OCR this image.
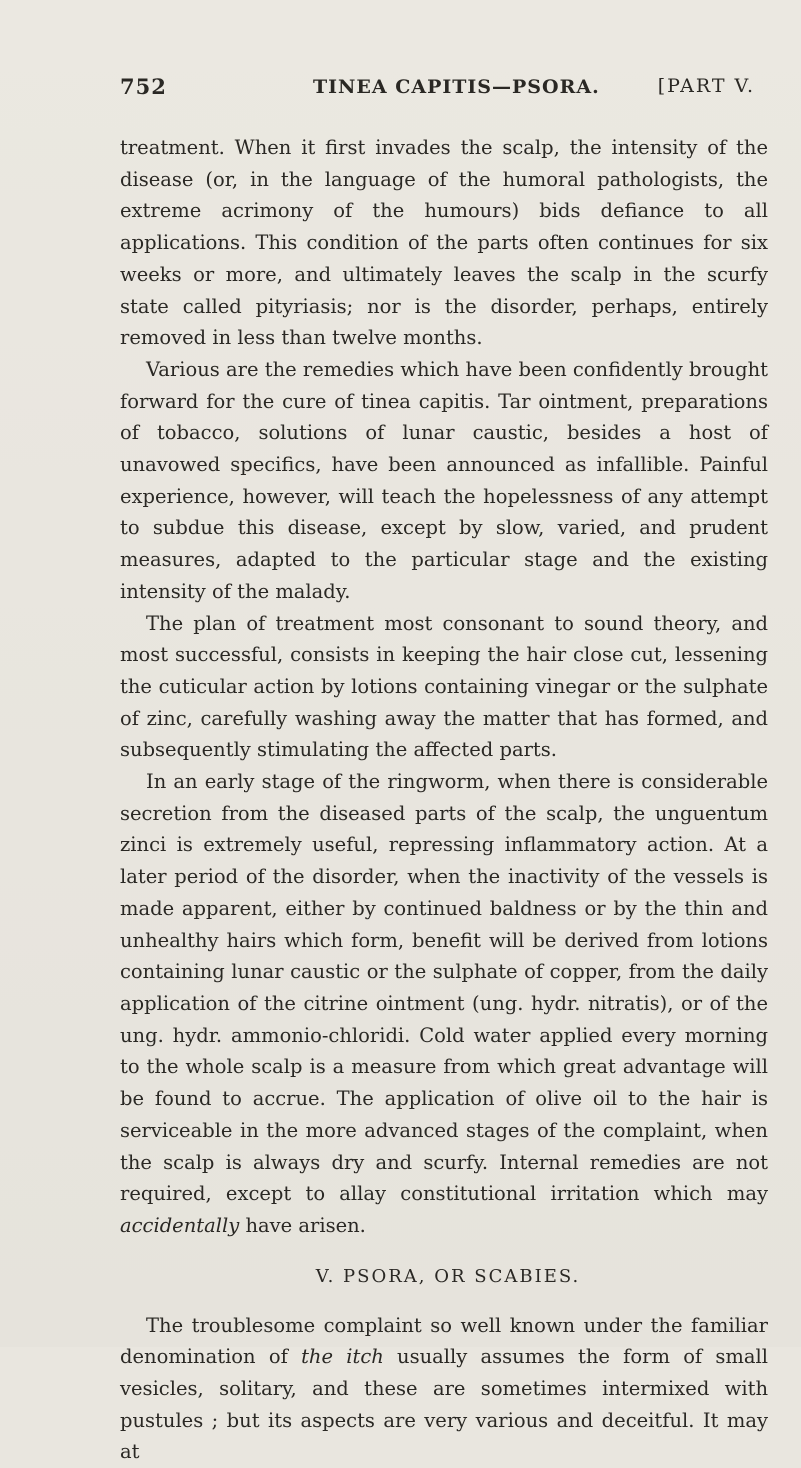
752	TINEA CAPITIS—PSORA.	[PART V.

treatment. When it first invades the scalp, the intensity of the disease (or, in the language of the humoral pathologists, the extreme acrimony of the humours) bids defiance to all applications. This condition of the parts often continues for six weeks or more, and ultimately leaves the scalp in the scurfy state called pityriasis; nor is the disorder, perhaps, entirely removed in less than twelve months.

Various are the remedies which have been confidently brought forward for the cure of tinea capitis. Tar ointment, preparations of tobacco, solutions of lunar caustic, besides a host of unavowed specifics, have been announced as infallible. Painful experience, however, will teach the hopelessness of any attempt to subdue this disease, except by slow, varied, and prudent measures, adapted to the particular stage and the existing intensity of the malady.

The plan of treatment most consonant to sound theory, and most successful, consists in keeping the hair close cut, lessening the cuticular action by lotions containing vinegar or the sulphate of zinc, carefully washing away the matter that has formed, and subsequently stimulating the affected parts.

In an early stage of the ringworm, when there is considerable secretion from the diseased parts of the scalp, the unguentum zinci is extremely useful, repressing inflammatory action. At a later period of the disorder, when the inactivity of the vessels is made apparent, either by continued baldness or by the thin and unhealthy hairs which form, benefit will be derived from lotions containing lunar caustic or the sulphate of copper, from the daily application of the citrine ointment (ung. hydr. nitratis), or of the ung. hydr. ammonio-chloridi. Cold water applied every morning to the whole scalp is a measure from which great advantage will be found to accrue. The application of olive oil to the hair is serviceable in the more advanced stages of the complaint, when the scalp is always dry and scurfy. Internal remedies are not required, except to allay constitutional irritation which may accidentally have arisen.

V. PSORA, OR SCABIES.

The troublesome complaint so well known under the familiar denomination of the itch usually assumes the form of small vesicles, solitary, and these are sometimes intermixed with pustules ; but its aspects are very various and deceitful. It may at
